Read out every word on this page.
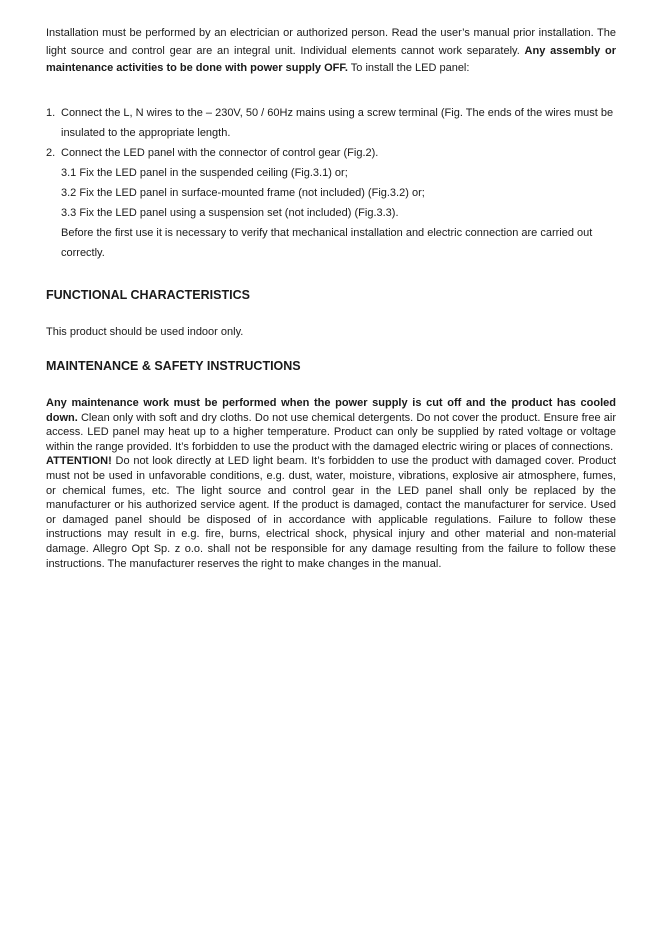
Installation must be performed by an electrician or authorized person. Read the user’s manual prior installation. The light source and control gear are an integral unit. Individual elements cannot work separately. Any assembly or maintenance activities to be done with power supply OFF. To install the LED panel:

1. Connect the L, N wires to the – 230V, 50 / 60Hz mains using a screw terminal (Fig. The ends of the wires must be insulated to the appropriate length.
2. Connect the LED panel with the connector of control gear (Fig.2).
3.1 Fix the LED panel in the suspended ceiling (Fig.3.1) or;
3.2 Fix the LED panel in surface-mounted frame (not included) (Fig.3.2) or;
3.3 Fix the LED panel using a suspension set (not included) (Fig.3.3).
Before the first use it is necessary to verify that mechanical installation and electric connection are carried out correctly.
FUNCTIONAL CHARACTERISTICS

This product should be used indoor only.

MAINTENANCE & SAFETY INSTRUCTIONS

Any maintenance work must be performed when the power supply is cut off and the product has cooled down. Clean only with soft and dry cloths. Do not use chemical detergents. Do not cover the product. Ensure free air access. LED panel may heat up to a higher temperature. Product can only be supplied by rated voltage or voltage within the range provided. It’s forbidden to use the product with the damaged electric wiring or places of connections.

ATTENTION! Do not look directly at LED light beam. It’s forbidden to use the product with damaged cover. Product must not be used in unfavorable conditions, e.g. dust, water, moisture, vibrations, explosive air atmosphere, fumes, or chemical fumes, etc. The light source and control gear in the LED panel shall only be replaced by the manufacturer or his authorized service agent. If the product is damaged, contact the manufacturer for service. Used or damaged panel should be disposed of in accordance with applicable regulations. Failure to follow these instructions may result in e.g. fire, burns, electrical shock, physical injury and other material and non-material damage. Allegro Opt Sp. z o.o. shall not be responsible for any damage resulting from the failure to follow these instructions. The manufacturer reserves the right to make changes in the manual.
